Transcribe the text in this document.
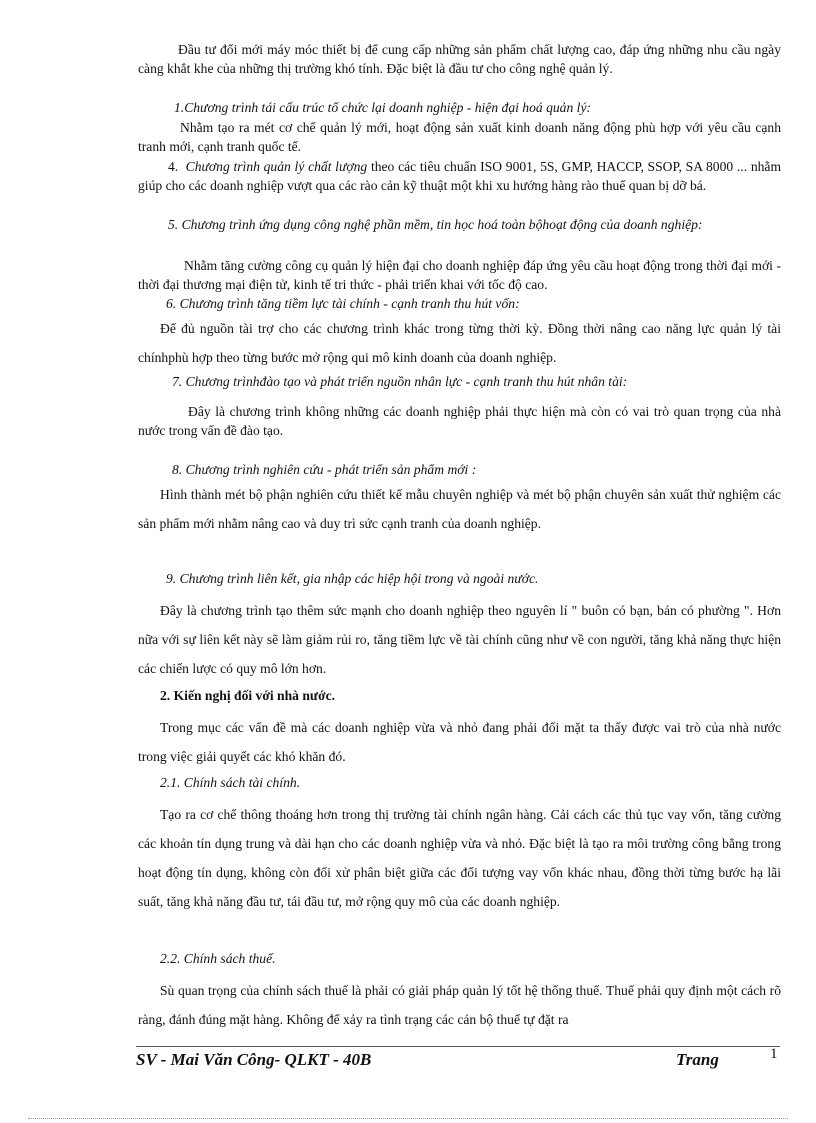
Đầu tư đổi mới máy móc thiết bị để cung cấp những sản phẩm chất lượng cao, đáp ứng những nhu cầu ngày càng khắt khe của những thị trường khó tính. Đặc biệt là đầu tư cho công nghệ quản lý.

1.Chương trình tái cấu trúc tổ chức lại doanh nghiệp - hiện đại hoá quản lý:

Nhằm tạo ra mét cơ chế quản lý mới, hoạt động sản xuất kinh doanh năng động phù hợp với yêu cầu cạnh tranh mới, cạnh tranh quốc tế.

4. Chương trình quản lý chất lượng theo các tiêu chuẩn ISO 9001, 5S, GMP, HACCP, SSOP, SA 8000 ... nhằm giúp cho các doanh nghiệp vượt qua các rào cản kỹ thuật một khi xu hướng hàng rào thuế quan bị dỡ bá.

5. Chương trình ứng dụng công nghệ phần mềm, tin học hoá toàn bộhoạt động của doanh nghiệp:

Nhằm tăng cường công cụ quản lý hiện đại cho doanh nghiệp đáp ứng yêu cầu hoạt động trong thời đại mới - thời đại thương mại điện tử, kinh tế tri thức - phải triển khai với tốc độ cao.

6. Chương trình tăng tiềm lực tài chính - cạnh tranh thu hút vốn:

Để đủ nguồn tài trợ cho các chương trình khác trong từng thời kỳ. Đồng thời nâng cao năng lực quản lý tài chínhphù hợp theo từng bước mở rộng qui mô kinh doanh của doanh nghiệp.

7. Chương trìnhđào tạo và phát triển nguồn nhân lực - cạnh tranh thu hút nhân tài:

Đây là chương trình không những các doanh nghiệp phải thực hiện mà còn có vai trò quan trọng của nhà nước trong vấn đề đào tạo.

8. Chương trình nghiên cứu - phát triển sản phẩm mới :

Hình thành mét bộ phận nghiên cứu thiết kế mẫu chuyên nghiệp và mét bộ phận chuyên sản xuất thử nghiệm các sản phẩm mới nhằm nâng cao và duy trì sức cạnh tranh của doanh nghiệp.

9. Chương trình liên kết, gia nhập các hiệp hội trong và ngoài nước.

Đây là chương trình tạo thêm sức mạnh cho doanh nghiệp theo nguyên lí " buôn có bạn, bán có phường ". Hơn nữa với sự liên kết này sẽ làm giảm rủi ro, tăng tiềm lực về tài chính cũng như về con người, tăng khả năng thực hiện các chiến lược có quy mô lớn hơn.

2. Kiến nghị đối với nhà nước.

Trong mục các vấn đề mà các doanh nghiệp vừa và nhỏ đang phải đối mặt ta thấy được vai trò của nhà nước trong việc giải quyết các khó khăn đó.

2.1. Chính sách tài chính.

Tạo ra cơ chế thông thoáng hơn trong thị trường tài chính ngân hàng. Cải cách các thủ tục vay vốn, tăng cường các khoản tín dụng trung và dài hạn cho các doanh nghiệp vừa và nhỏ. Đặc biệt là tạo ra môi trường công bằng trong hoạt động tín dụng, không còn đối xử phân biệt giữa các đối tượng vay vốn khác nhau, đồng thời từng bước hạ lãi suất, tăng khả năng đầu tư, tái đầu tư, mở rộng quy mô của các doanh nghiệp.

2.2. Chính sách thuế.

Sù quan trọng của chính sách thuế là phải có giải pháp quản lý tốt hệ thống thuế. Thuế phải quy định một cách rõ ràng, đánh đúng mặt hàng. Không để xảy ra tình trạng các cán bộ thuế tự đặt ra

SV - Mai Văn Công- QLKT - 40B	Trang	1
